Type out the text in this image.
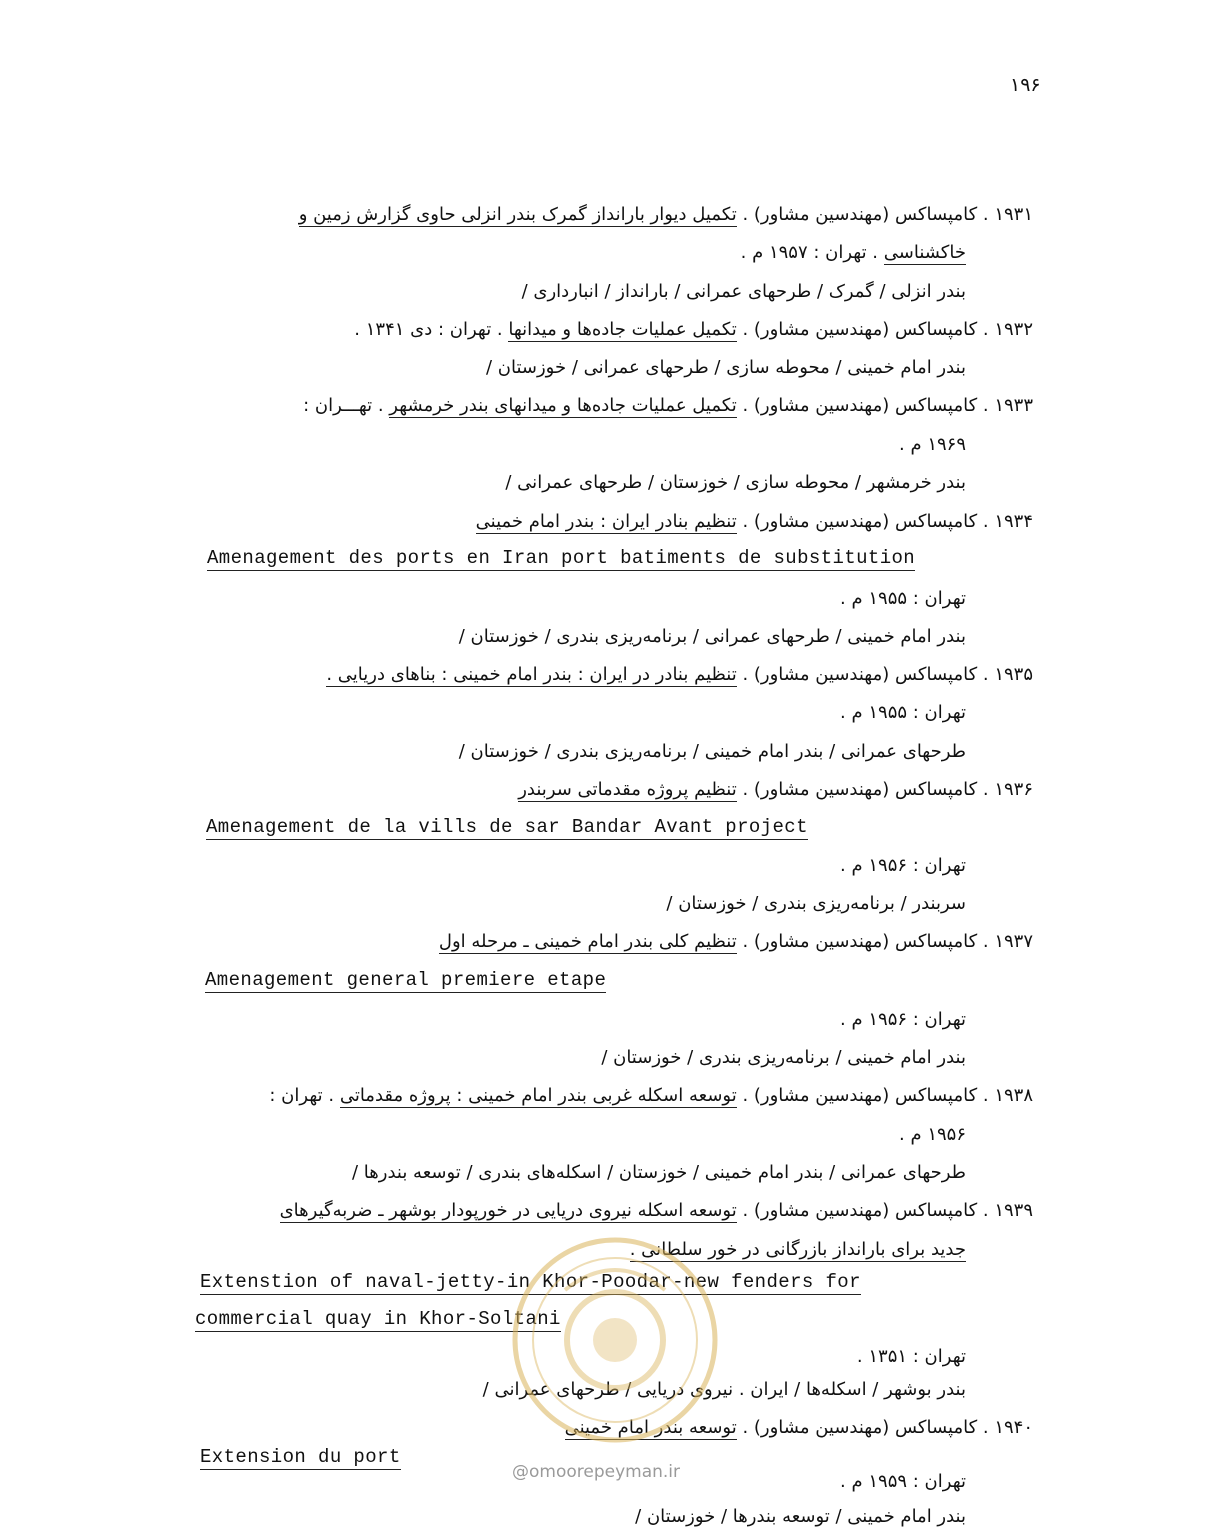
۱۹۶
۱۹۳۱ . کامپساکس (مهندسین مشاور) . تکمیل دیوار بارانداز گمرک بندر انزلی حاوی گزارش زمین و
خاکشناسی . تهران : ۱۹۵۷ م .
بندر انزلی / گمرک / طرحهای عمرانی / بارانداز / انبارداری /
۱۹۳۲ . کامپساکس (مهندسین مشاور) . تکمیل عملیات جاده‌ها و میدانها . تهران : دی ۱۳۴۱ .
بندر امام خمینی / محوطه سازی / طرحهای عمرانی / خوزستان /
۱۹۳۳ . کامپساکس (مهندسین مشاور) . تکمیل عملیات جاده‌ها و میدانهای بندر خرمشهر . تهـــران :
۱۹۶۹ م .
بندر خرمشهر / محوطه سازی / خوزستان / طرحهای عمرانی /
۱۹۳۴ . کامپساکس (مهندسین مشاور) . تنظیم بنادر ایران : بندر امام خمینی
Amenagement des ports en Iran port batiments de substitution
تهران : ۱۹۵۵ م .
بندر امام خمینی / طرحهای عمرانی / برنامه‌ریزی بندری / خوزستان /
۱۹۳۵ . کامپساکس (مهندسین مشاور) . تنظیم بنادر در ایران : بندر امام خمینی : بناهای دریایی .
تهران : ۱۹۵۵ م .
طرحهای عمرانی / بندر امام خمینی / برنامه‌ریزی بندری / خوزستان /
۱۹۳۶ . کامپساکس (مهندسین مشاور) . تنظیم پروژه مقدماتی سربندر
Amenagement de la vills de sar Bandar Avant project
تهران : ۱۹۵۶ م .
سربندر / برنامه‌ریزی بندری / خوزستان /
۱۹۳۷ . کامپساکس (مهندسین مشاور) . تنظیم کلی بندر امام خمینی ـ مرحله اول
Amenagement general premiere etape
تهران : ۱۹۵۶ م .
بندر امام خمینی / برنامه‌ریزی بندری / خوزستان /
۱۹۳۸ . کامپساکس (مهندسین مشاور) . توسعه اسکله غربی بندر امام خمینی : پروژه مقدماتی . تهران :
۱۹۵۶ م .
طرحهای عمرانی / بندر امام خمینی / خوزستان / اسکله‌های بندری / توسعه بندرها /
۱۹۳۹ . کامپساکس (مهندسین مشاور) . توسعه اسکله نیروی دریایی در خورپودار بوشهر ـ ضربه‌گیرهای
جدید برای بارانداز بازرگانی در خور سلطانی .
Extenstion of naval-jetty-in Khor-Poodar-new fenders for
commercial quay in Khor-Soltani
تهران : ۱۳۵۱ .
بندر بوشهر / اسکله‌ها / ایران . نیروی دریایی / طرحهای عمرانی /
۱۹۴۰ . کامپساکس (مهندسین مشاور) . توسعه بندر امام خمینی
Extension du port
تهران : ۱۹۵۹ م .
بندر امام خمینی / توسعه بندرها / خوزستان /
@omoorepeyman.ir
